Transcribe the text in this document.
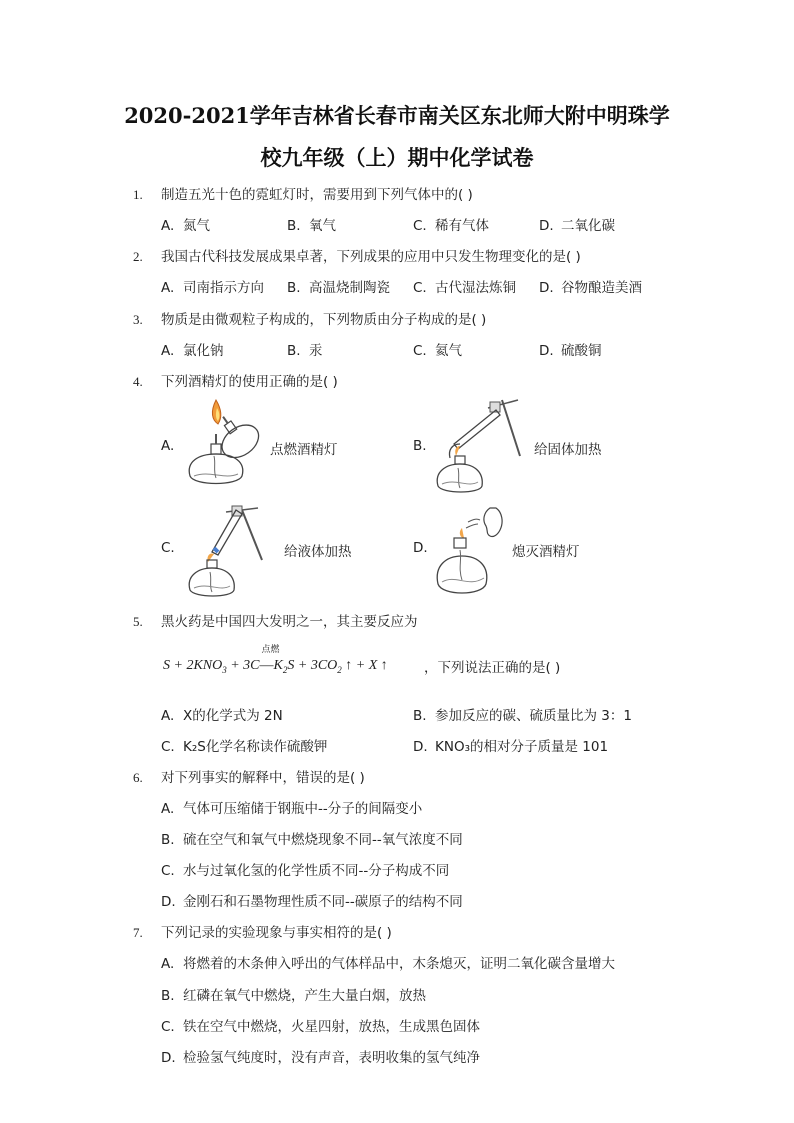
2020-2021学年吉林省长春市南关区东北师大附中明珠学
校九年级（上）期中化学试卷
1. 制造五光十色的霓虹灯时，需要用到下列气体中的( )
A. 氮气	B. 氧气	C. 稀有气体	D. 二氧化碳
2. 我国古代科技发展成果卓著，下列成果的应用中只发生物理变化的是( )
A. 司南指示方向 B. 高温烧制陶瓷 C. 古代湿法炼铜 D. 谷物酿造美酒
3. 物质是由微观粒子构成的，下列物质由分子构成的是( )
A. 氯化钠	B. 汞	C. 氦气	D. 硫酸铜
4. 下列酒精灯的使用正确的是( )
A.	点燃酒精灯	B.	给固体加热
C.	给液体加热	D.	熄灭酒精灯
5. 黑火药是中国四大发明之一，其主要反应为
$S + 2KNO_3 + 3C$
点燃
$—K_2S + 3CO_2$ ↑ + X ↑	，下列说法正确的是( )
A. X的化学式为 2N	B. 参加反应的碳、硫质量比为 3：1
C. K₂S化学名称读作硫酸钾	D. KNO₃的相对分子质量是 101
6. 对下列事实的解释中，错误的是( )
A. 气体可压缩储于钢瓶中--分子的间隔变小
B. 硫在空气和氧气中燃烧现象不同--氧气浓度不同
C. 水与过氧化氢的化学性质不同--分子构成不同
D. 金刚石和石墨物理性质不同--碳原子的结构不同
7. 下列记录的实验现象与事实相符的是( )
A. 将燃着的木条伸入呼出的气体样品中，木条熄灭，证明二氧化碳含量增大
B. 红磷在氧气中燃烧，产生大量白烟，放热
C. 铁在空气中燃烧，火星四射，放热，生成黑色固体
D. 检验氢气纯度时，没有声音，表明收集的氢气纯净
